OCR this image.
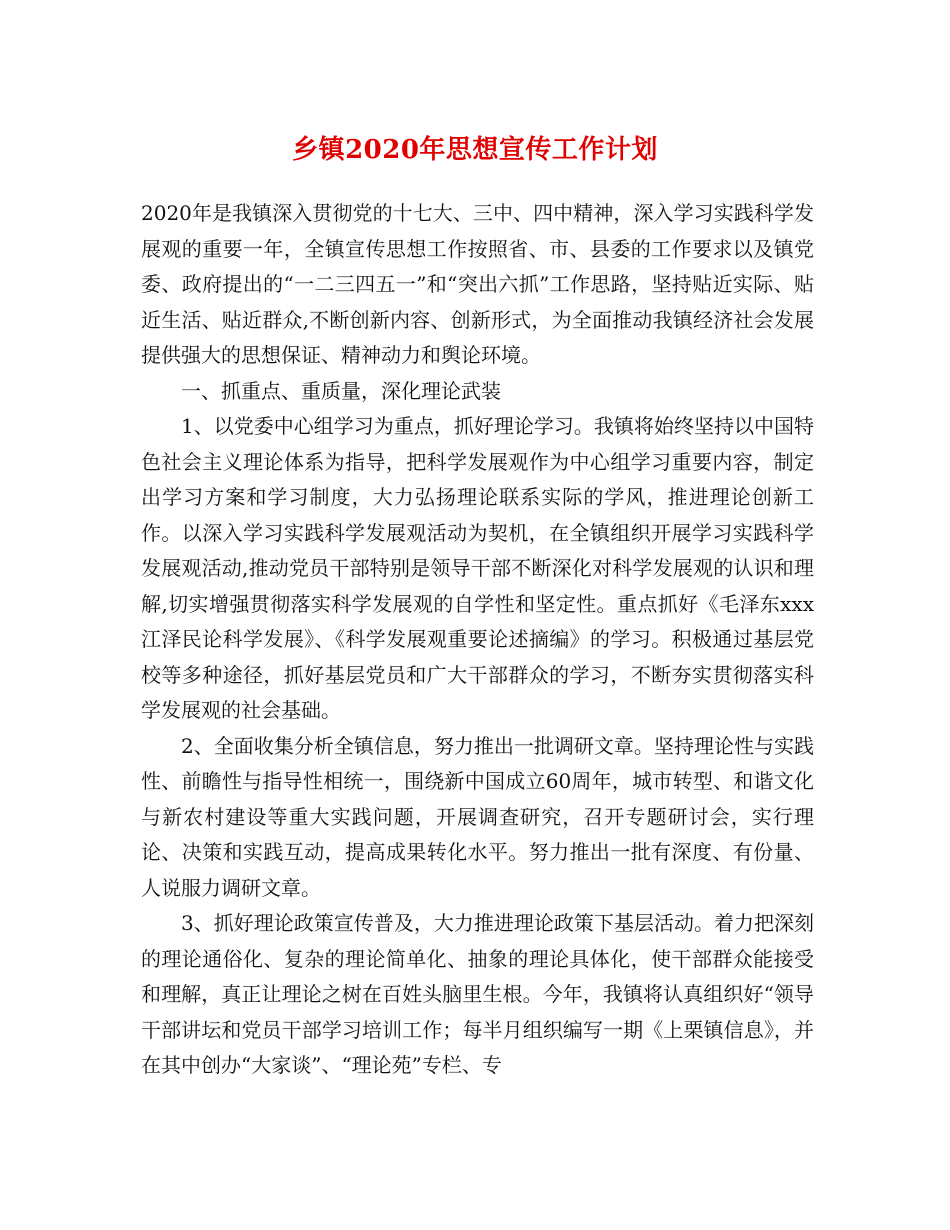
乡镇2020年思想宣传工作计划

2020年是我镇深入贯彻党的十七大、三中、四中精神，深入学习实践科学发展观的重要一年，全镇宣传思想工作按照省、市、县委的工作要求以及镇党委、政府提出的“一二三四五一”和“突出六抓”工作思路，坚持贴近实际、贴近生活、贴近群众,不断创新内容、创新形式，为全面推动我镇经济社会发展提供强大的思想保证、精神动力和舆论环境。

一、抓重点、重质量，深化理论武装

1、以党委中心组学习为重点，抓好理论学习。我镇将始终坚持以中国特色社会主义理论体系为指导，把科学发展观作为中心组学习重要内容，制定出学习方案和学习制度，大力弘扬理论联系实际的学风，推进理论创新工作。以深入学习实践科学发展观活动为契机，在全镇组织开展学习实践科学发展观活动,推动党员干部特别是领导干部不断深化对科学发展观的认识和理解,切实增强贯彻落实科学发展观的自学性和坚定性。重点抓好《毛泽东xxx江泽民论科学发展》、《科学发展观重要论述摘编》的学习。积极通过基层党校等多种途径，抓好基层党员和广大干部群众的学习，不断夯实贯彻落实科学发展观的社会基础。

2、全面收集分析全镇信息，努力推出一批调研文章。坚持理论性与实践性、前瞻性与指导性相统一，围绕新中国成立60周年，城市转型、和谐文化与新农村建设等重大实践问题，开展调查研究，召开专题研讨会，实行理论、决策和实践互动，提高成果转化水平。努力推出一批有深度、有份量、人说服力调研文章。

3、抓好理论政策宣传普及，大力推进理论政策下基层活动。着力把深刻的理论通俗化、复杂的理论简单化、抽象的理论具体化，使干部群众能接受和理解，真正让理论之树在百姓头脑里生根。今年，我镇将认真组织好“领导干部讲坛和党员干部学习培训工作；每半月组织编写一期《上栗镇信息》，并在其中创办“大家谈”、“理论苑”专栏、专
